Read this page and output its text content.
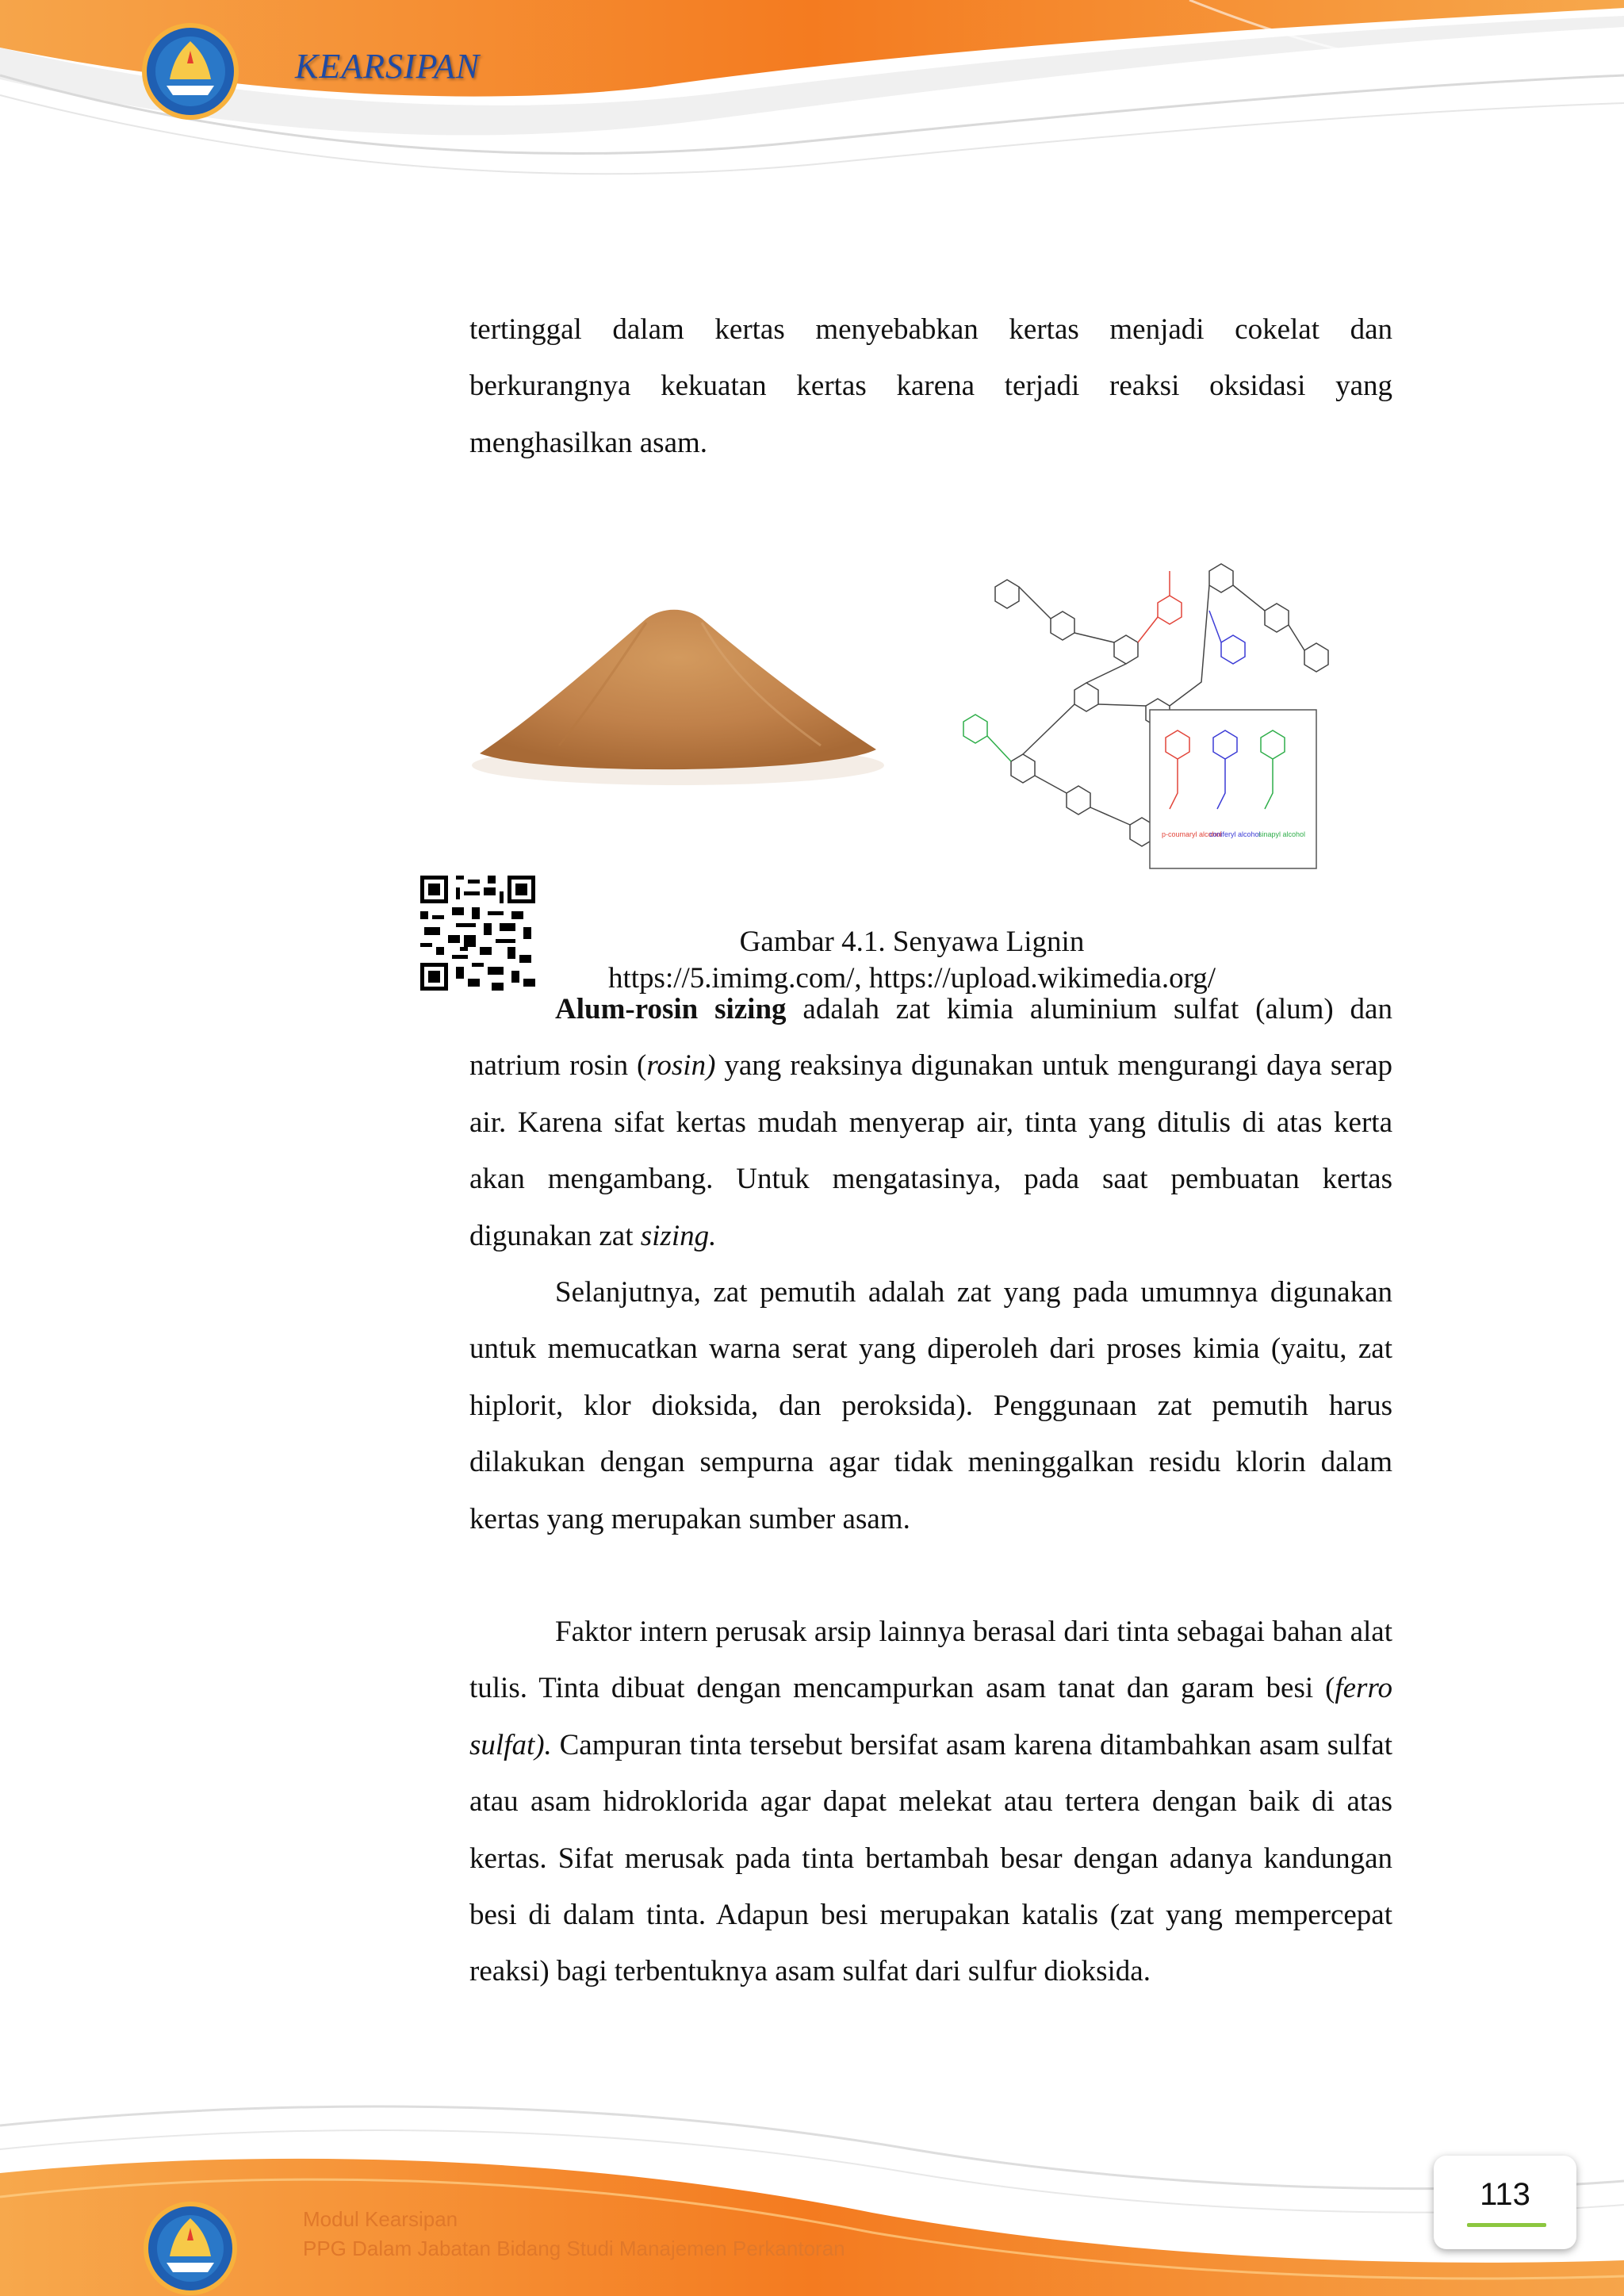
KEARSIPAN

tertinggal dalam kertas menyebabkan kertas menjadi cokelat dan berkurangnya kekuatan kertas karena terjadi reaksi oksidasi yang menghasilkan asam.

p-coumaryl alcohol
coniferyl alcohol
sinapyl alcohol
Gambar 4.1. Senyawa Lignin
https://5.imimg.com/, https://upload.wikimedia.org/

Alum-rosin sizing adalah zat kimia aluminium sulfat (alum) dan natrium rosin (rosin) yang reaksinya digunakan untuk mengurangi daya serap air. Karena sifat kertas mudah menyerap air, tinta yang ditulis di atas kerta akan mengambang. Untuk mengatasinya, pada saat pembuatan kertas digunakan zat sizing.

Selanjutnya, zat pemutih adalah zat yang pada umumnya digunakan untuk memucatkan warna serat yang diperoleh dari proses kimia (yaitu, zat hiplorit, klor dioksida, dan peroksida). Penggunaan zat pemutih harus dilakukan dengan sempurna agar tidak meninggalkan residu klorin dalam kertas yang merupakan sumber asam.

Faktor intern perusak arsip lainnya berasal dari tinta sebagai bahan alat tulis. Tinta dibuat dengan mencampurkan asam tanat dan garam besi (ferro sulfat). Campuran tinta tersebut bersifat asam karena ditambahkan asam sulfat atau asam hidroklorida agar dapat melekat atau tertera dengan baik di atas kertas. Sifat merusak pada tinta bertambah besar dengan adanya kandungan besi di dalam tinta. Adapun besi merupakan katalis (zat yang mempercepat reaksi) bagi terbentuknya asam sulfat dari sulfur dioksida.

Modul Kearsipan
PPG Dalam Jabatan Bidang Studi Manajemen Perkantoran
113
